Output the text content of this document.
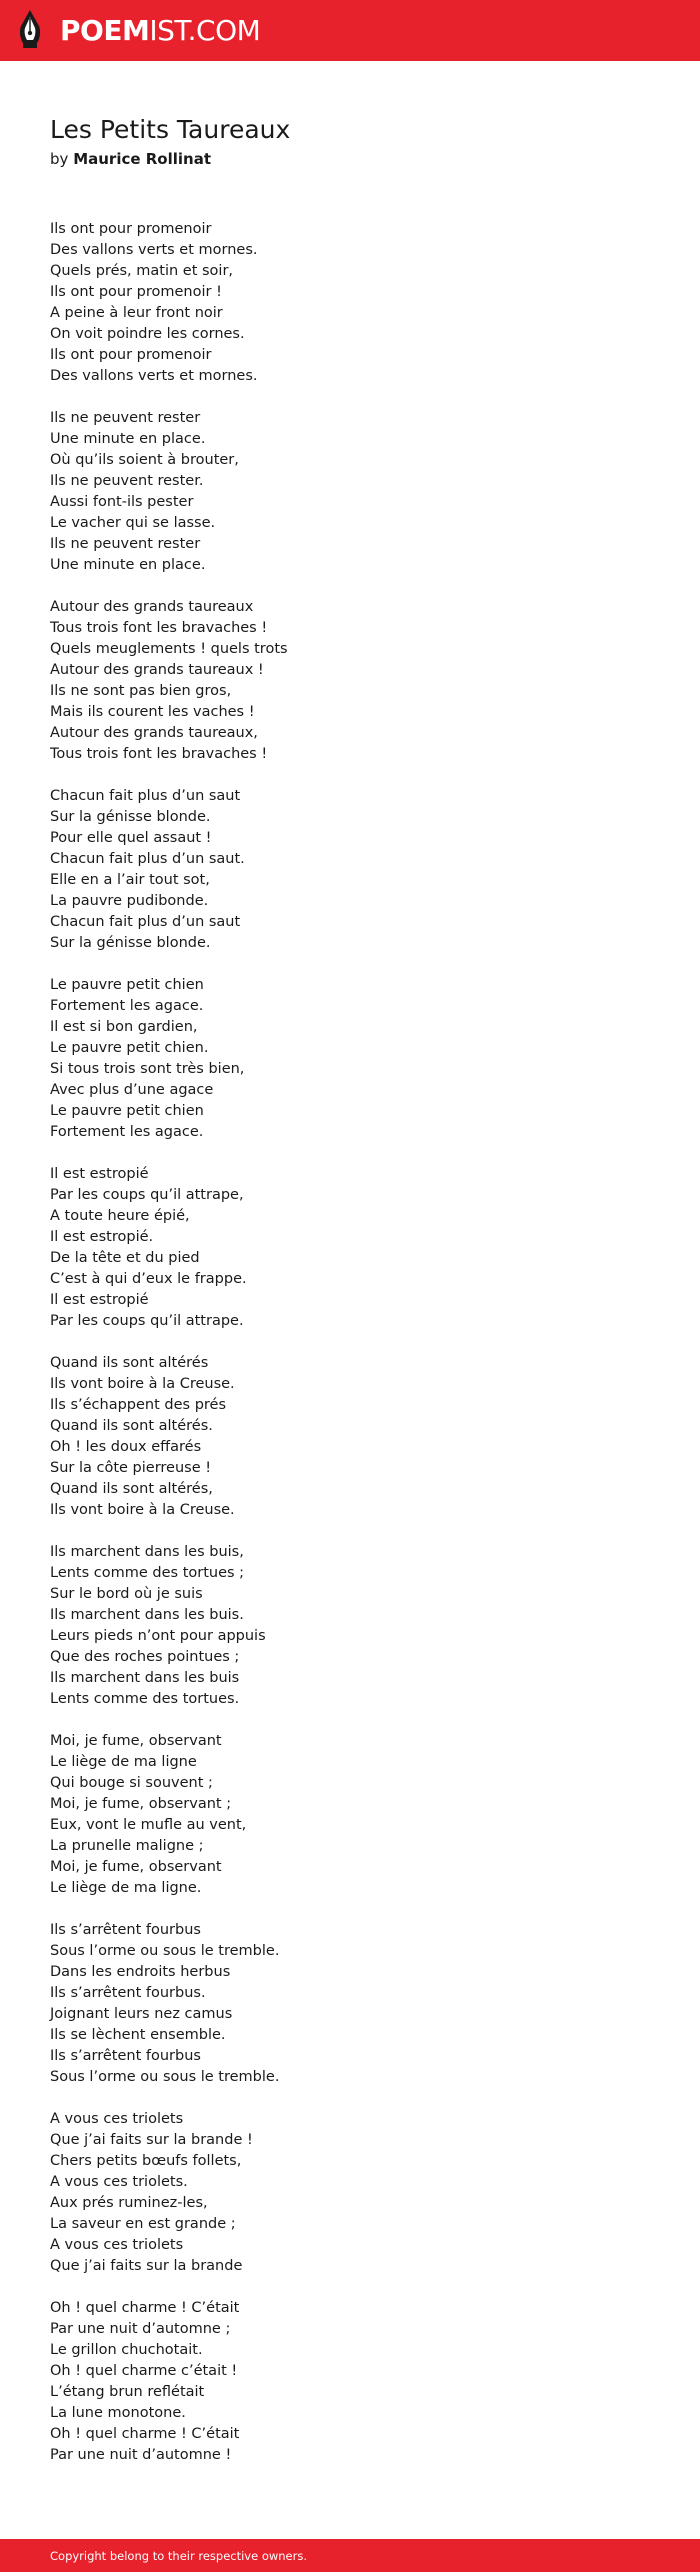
POEMIST.COM
Les Petits Taureaux
by Maurice Rollinat
Ils ont pour promenoir
Des vallons verts et mornes.
Quels prés, matin et soir,
Ils ont pour promenoir !
A peine à leur front noir
On voit poindre les cornes.
Ils ont pour promenoir
Des vallons verts et mornes.
Ils ne peuvent rester
Une minute en place.
Où qu’ils soient à brouter,
Ils ne peuvent rester.
Aussi font-ils pester
Le vacher qui se lasse.
Ils ne peuvent rester
Une minute en place.
Autour des grands taureaux
Tous trois font les bravaches !
Quels meuglements ! quels trots
Autour des grands taureaux !
Ils ne sont pas bien gros,
Mais ils courent les vaches !
Autour des grands taureaux,
Tous trois font les bravaches !
Chacun fait plus d’un saut
Sur la génisse blonde.
Pour elle quel assaut !
Chacun fait plus d’un saut.
Elle en a l’air tout sot,
La pauvre pudibonde.
Chacun fait plus d’un saut
Sur la génisse blonde.
Le pauvre petit chien
Fortement les agace.
Il est si bon gardien,
Le pauvre petit chien.
Si tous trois sont très bien,
Avec plus d’une agace
Le pauvre petit chien
Fortement les agace.
Il est estropié
Par les coups qu’il attrape,
A toute heure épié,
Il est estropié.
De la tête et du pied
C’est à qui d’eux le frappe.
Il est estropié
Par les coups qu’il attrape.
Quand ils sont altérés
Ils vont boire à la Creuse.
Ils s’échappent des prés
Quand ils sont altérés.
Oh ! les doux effarés
Sur la côte pierreuse !
Quand ils sont altérés,
Ils vont boire à la Creuse.
Ils marchent dans les buis,
Lents comme des tortues ;
Sur le bord où je suis
Ils marchent dans les buis.
Leurs pieds n’ont pour appuis
Que des roches pointues ;
Ils marchent dans les buis
Lents comme des tortues.
Moi, je fume, observant
Le liège de ma ligne
Qui bouge si souvent ;
Moi, je fume, observant ;
Eux, vont le mufle au vent,
La prunelle maligne ;
Moi, je fume, observant
Le liège de ma ligne.
Ils s’arrêtent fourbus
Sous l’orme ou sous le tremble.
Dans les endroits herbus
Ils s’arrêtent fourbus.
Joignant leurs nez camus
Ils se lèchent ensemble.
Ils s’arrêtent fourbus
Sous l’orme ou sous le tremble.
A vous ces triolets
Que j’ai faits sur la brande !
Chers petits bœufs follets,
A vous ces triolets.
Aux prés ruminez-les,
La saveur en est grande ;
A vous ces triolets
Que j’ai faits sur la brande
Oh ! quel charme ! C’était
Par une nuit d’automne ;
Le grillon chuchotait.
Oh ! quel charme c’était !
L’étang brun reflétait
La lune monotone.
Oh ! quel charme ! C’était
Par une nuit d’automne !
Copyright belong to their respective owners.
